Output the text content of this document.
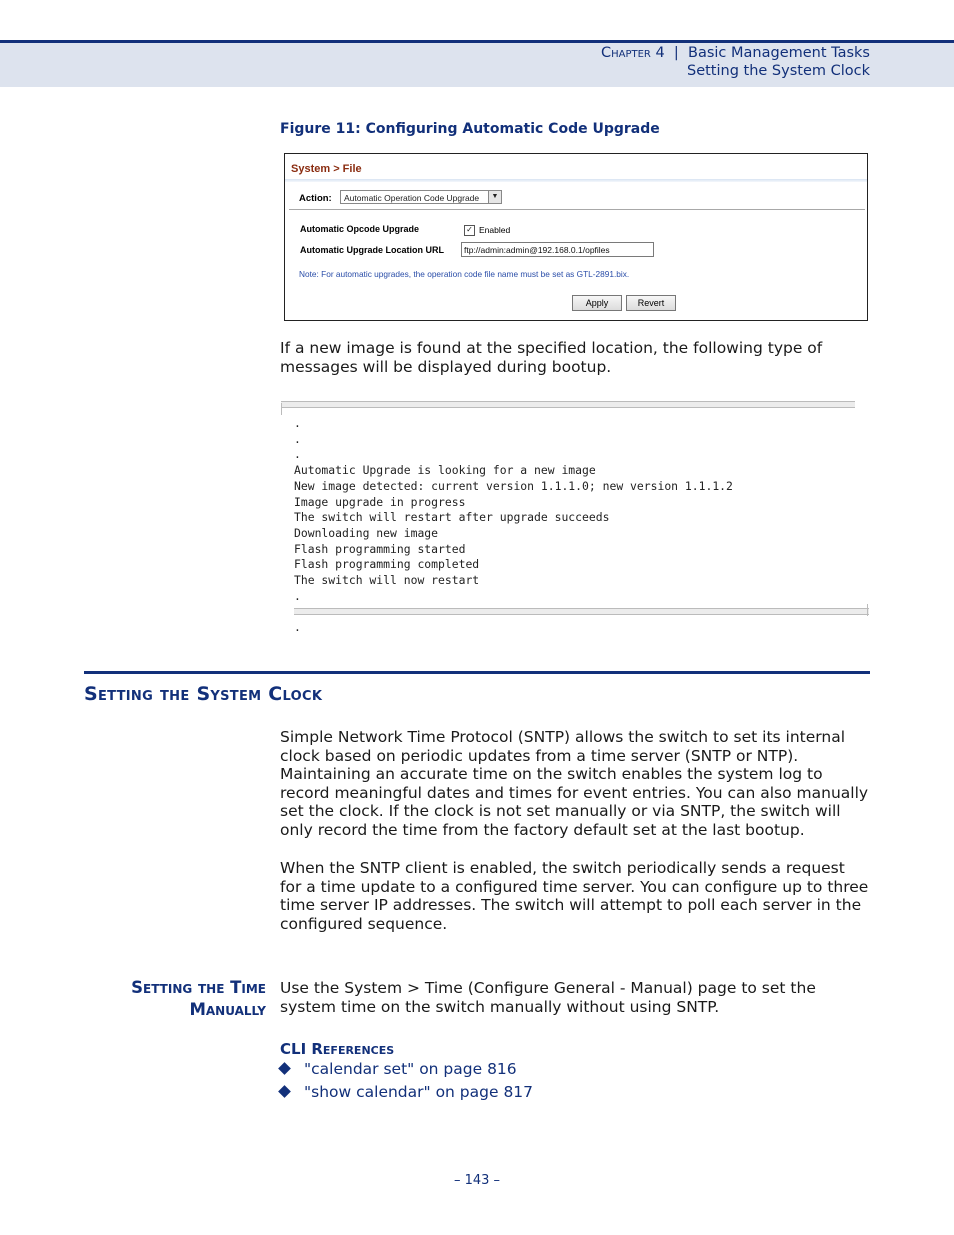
Chapter 4 | Basic Management Tasks
Setting the System Clock
Figure 11: Configuring Automatic Code Upgrade
System > File
Action:	Automatic Operation Code Upgrade	▼
Automatic Opcode Upgrade	✓ Enabled
Automatic Upgrade Location URL	ftp://admin:admin@192.168.0.1/opfiles
Note: For automatic upgrades, the operation code file name must be set as GTL-2891.bix.
Apply	Revert
If a new image is found at the specified location, the following type of messages will be displayed during bootup.
.
.
.
Automatic Upgrade is looking for a new image
New image detected: current version 1.1.1.0; new version 1.1.1.2
Image upgrade in progress
The switch will restart after upgrade succeeds
Downloading new image
Flash programming started
Flash programming completed
The switch will now restart
.
.
Setting the System Clock
Simple Network Time Protocol (SNTP) allows the switch to set its internal clock based on periodic updates from a time server (SNTP or NTP). Maintaining an accurate time on the switch enables the system log to record meaningful dates and times for event entries. You can also manually set the clock. If the clock is not set manually or via SNTP, the switch will only record the time from the factory default set at the last bootup.
When the SNTP client is enabled, the switch periodically sends a request for a time update to a configured time server. You can configure up to three time server IP addresses. The switch will attempt to poll each server in the configured sequence.
Setting the Time
Manually
Use the System > Time (Configure General - Manual) page to set the system time on the switch manually without using SNTP.
CLI References
"calendar set" on page 816
"show calendar" on page 817
– 143 –
